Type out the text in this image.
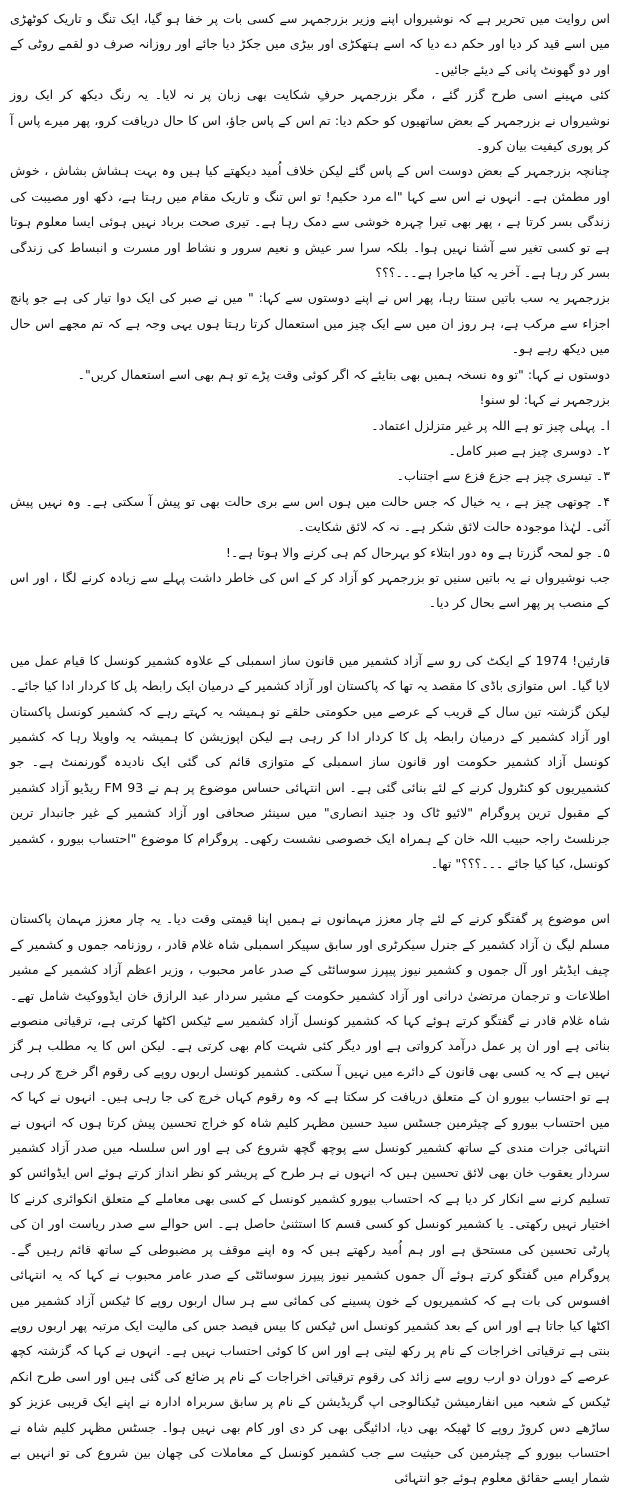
اس روایت میں تحریر ہے کہ نوشیرواں اپنے وزیر بزرجمہر سے کسی بات پر خفا ہو گیا، ایک تنگ و تاریک کوٹھڑی میں اسے قید کر دیا اور حکم دے دیا کہ اسے ہتھکڑی اور بیڑی میں جکڑ دیا جائے اور روزانہ صرف دو لقمے روٹی کے اور دو گھونٹ پانی کے دیئے جائیں۔

کئی مہینے اسی طرح گزر گئے ، مگر بزرجمہر حرفِ شکایت بھی زبان پر نہ لایا۔ یہ رنگ دیکھ کر ایک روز نوشیرواں نے بزرجمہر کے بعض ساتھیوں کو حکم دیا: تم اس کے پاس جاؤ، اس کا حال دریافت کرو، پھر میرے پاس آ کر پوری کیفیت بیان کرو۔

چنانچہ بزرجمہر کے بعض دوست اس کے پاس گئے لیکن خلاف اُمید دیکھتے کیا ہیں وہ بہت ہشاش بشاش ، خوش اور مطمئن ہے۔ انہوں نے اس سے کہا "اے مرد حکیم! تو اس تنگ و تاریک مقام میں رہتا ہے، دکھ اور مصیبت کی زندگی بسر کرتا ہے ، پھر بھی تیرا چہرہ خوشی سے دمک رہا ہے۔ تیری صحت برباد نہیں ہوئی ایسا معلوم ہوتا ہے تو کسی تغیر سے آشنا نہیں ہوا۔ بلکہ سرا سر عیش و نعیم سرور و نشاط اور مسرت و انبساط کی زندگی بسر کر رہا ہے۔ آخر یہ کیا ماجرا ہے۔۔۔؟؟؟

بزرجمہر یہ سب باتیں سنتا رہا، پھر اس نے اپنے دوستوں سے کہا: " میں نے صبر کی ایک دوا تیار کی ہے جو پانچ اجزاء سے مرکب ہے، ہر روز ان میں سے ایک چیز میں استعمال کرتا رہتا ہوں یہی وجہ ہے کہ تم مجھے اس حال میں دیکھ رہے ہو۔

دوستوں نے کہا: "تو وہ نسخہ ہمیں بھی بتایئے کہ اگر کوئی وقت پڑے تو ہم بھی اسے استعمال کریں"۔

بزرجمہر نے کہا: لو سنو!

ا۔ پہلی چیز تو ہے اللہ پر غیر متزلزل اعتماد۔

۲۔ دوسری چیز ہے صبر کامل۔

۳۔ تیسری چیز ہے جزع فزع سے اجتناب۔

۴۔ چوتھی چیز ہے ، یہ خیال کہ جس حالت میں ہوں اس سے بری حالت بھی تو پیش آ سکتی ہے۔ وہ نہیں پیش آئی۔ لہٰذا موجودہ حالت لائق شکر ہے۔ نہ کہ لائق شکایت۔

۵۔ جو لمحہ گزرتا ہے وہ دور ابتلاء کو بہرحال کم ہی کرنے والا ہوتا ہے۔!

جب نوشیرواں نے یہ باتیں سنیں تو بزرجمہر کو آزاد کر کے اس کی خاطر داشت پہلے سے زیادہ کرنے لگا ، اور اس کے منصب پر پھر اسے بحال کر دیا۔

قارئین! 1974 کے ایکٹ کی رو سے آزاد کشمیر میں قانون ساز اسمبلی کے علاوہ کشمیر کونسل کا قیام عمل میں لایا گیا۔ اس متوازی باڈی کا مقصد یہ تھا کہ پاکستان اور آزاد کشمیر کے درمیان ایک رابطہ پل کا کردار ادا کیا جائے۔ لیکن گزشتہ تین سال کے قریب کے عرصے میں حکومتی حلقے تو ہمیشہ یہ کہتے رہے کہ کشمیر کونسل پاکستان اور آزاد کشمیر کے درمیان رابطہ پل کا کردار ادا کر رہی ہے لیکن اپوزیشن کا ہمیشہ یہ واویلا رہا کہ کشمیر کونسل آزاد کشمیر حکومت اور قانون ساز اسمبلی کے متوازی قائم کی گئی ایک نادیدہ گورنمنٹ ہے۔ جو کشمیریوں کو کنٹرول کرنے کے لئے بنائی گئی ہے۔ اس انتہائی حساس موضوع پر ہم نے FM 93 ریڈیو آزاد کشمیر کے مقبول ترین پروگرام "لائیو ٹاک ود جنید انصاری" میں سینئر صحافی اور آزاد کشمیر کے غیر جانبدار ترین جرنلسٹ راجہ حبیب اللہ خان کے ہمراہ ایک خصوصی نشست رکھی۔ پروگرام کا موضوع "احتساب بیورو ، کشمیر کونسل، کیا کیا جائے ۔۔۔؟؟؟" تھا۔

اس موضوع پر گفتگو کرنے کے لئے چار معزز مہمانوں نے ہمیں اپنا قیمتی وقت دیا۔ یہ چار معزز مہمان پاکستان مسلم لیگ ن آزاد کشمیر کے جنرل سیکرٹری اور سابق سپیکر اسمبلی شاہ غلام قادر ، روزنامہ جموں و کشمیر کے چیف ایڈیٹر اور آل جموں و کشمیر نیوز پیپرز سوسائٹی کے صدر عامر محبوب ، وزیر اعظم آزاد کشمیر کے مشیر اطلاعات و ترجمان مرتضیٰ درانی اور آزاد کشمیر حکومت کے مشیر سردار عبد الرازق خان ایڈووکیٹ شامل تھے۔ شاہ غلام قادر نے گفتگو کرتے ہوئے کہا کہ کشمیر کونسل آزاد کشمیر سے ٹیکس اکٹھا کرتی ہے، ترقیاتی منصوبے بناتی ہے اور ان پر عمل درآمد کرواتی ہے اور دیگر کئی شہت کام بھی کرتی ہے۔ لیکن اس کا یہ مطلب ہر گز نہیں ہے کہ یہ کسی بھی قانون کے دائرے میں نہیں آ سکتی۔ کشمیر کونسل اربوں روپے کی رقوم اگر خرچ کر رہی ہے تو احتساب بیورو ان کے متعلق دریافت کر سکتا ہے کہ وہ رقوم کہاں خرچ کی جا رہی ہیں۔ انہوں نے کہا کہ میں احتساب بیورو کے چیئرمین جسٹس سید حسین مظہر کلیم شاہ کو خراج تحسین پیش کرتا ہوں کہ انہوں نے انتہائی جرات مندی کے ساتھ کشمیر کونسل سے پوچھ گچھ شروع کی ہے اور اس سلسلہ میں صدر آزاد کشمیر سردار یعقوب خان بھی لائق تحسین ہیں کہ انہوں نے ہر طرح کے پریشر کو نظر انداز کرتے ہوئے اس ایڈوائس کو تسلیم کرنے سے انکار کر دیا ہے کہ احتساب بیورو کشمیر کونسل کے کسی بھی معاملے کے متعلق انکوائری کرنے کا اختیار نہیں رکھتی۔ یا کشمیر کونسل کو کسی قسم کا استثنیٰ حاصل ہے۔ اس حوالے سے صدر ریاست اور ان کی پارٹی تحسین کی مستحق ہے اور ہم اُمید رکھتے ہیں کہ وہ اپنے موقف پر مضبوطی کے ساتھ قائم رہیں گے۔ پروگرام میں گفتگو کرتے ہوئے آل جموں کشمیر نیوز پیپرز سوسائٹی کے صدر عامر محبوب نے کہا کہ یہ انتہائی افسوس کی بات ہے کہ کشمیریوں کے خون پسینے کی کمائی سے ہر سال اربوں روپے کا ٹیکس آزاد کشمیر میں اکٹھا کیا جاتا ہے اور اس کے بعد کشمیر کونسل اس ٹیکس کا بیس فیصد جس کی مالیت ایک مرتبہ پھر اربوں روپے بنتی ہے ترقیاتی اخراجات کے نام پر رکھ لیتی ہے اور اس کا کوئی احتساب نہیں ہے۔ انہوں نے کہا کہ گزشتہ کچھ عرصے کے دوران دو ارب روپے سے زائد کی رقوم ترقیاتی اخراجات کے نام پر ضائع کی گئی ہیں اور اسی طرح انکم ٹیکس کے شعبہ میں انفارمیشن ٹیکنالوجی اپ گریڈیشن کے نام پر سابق سربراہ ادارہ نے اپنے ایک قریبی عزیز کو ساڑھے دس کروڑ روپے کا ٹھیکہ بھی دیا، ادائیگی بھی کر دی اور کام بھی نہیں ہوا۔ جسٹس مظہر کلیم شاہ نے احتساب بیورو کے چیئرمین کی حیثیت سے جب کشمیر کونسل کے معاملات کی چھان بین شروع کی تو انہیں بے شمار ایسے حقائق معلوم ہوئے جو انتہائی
